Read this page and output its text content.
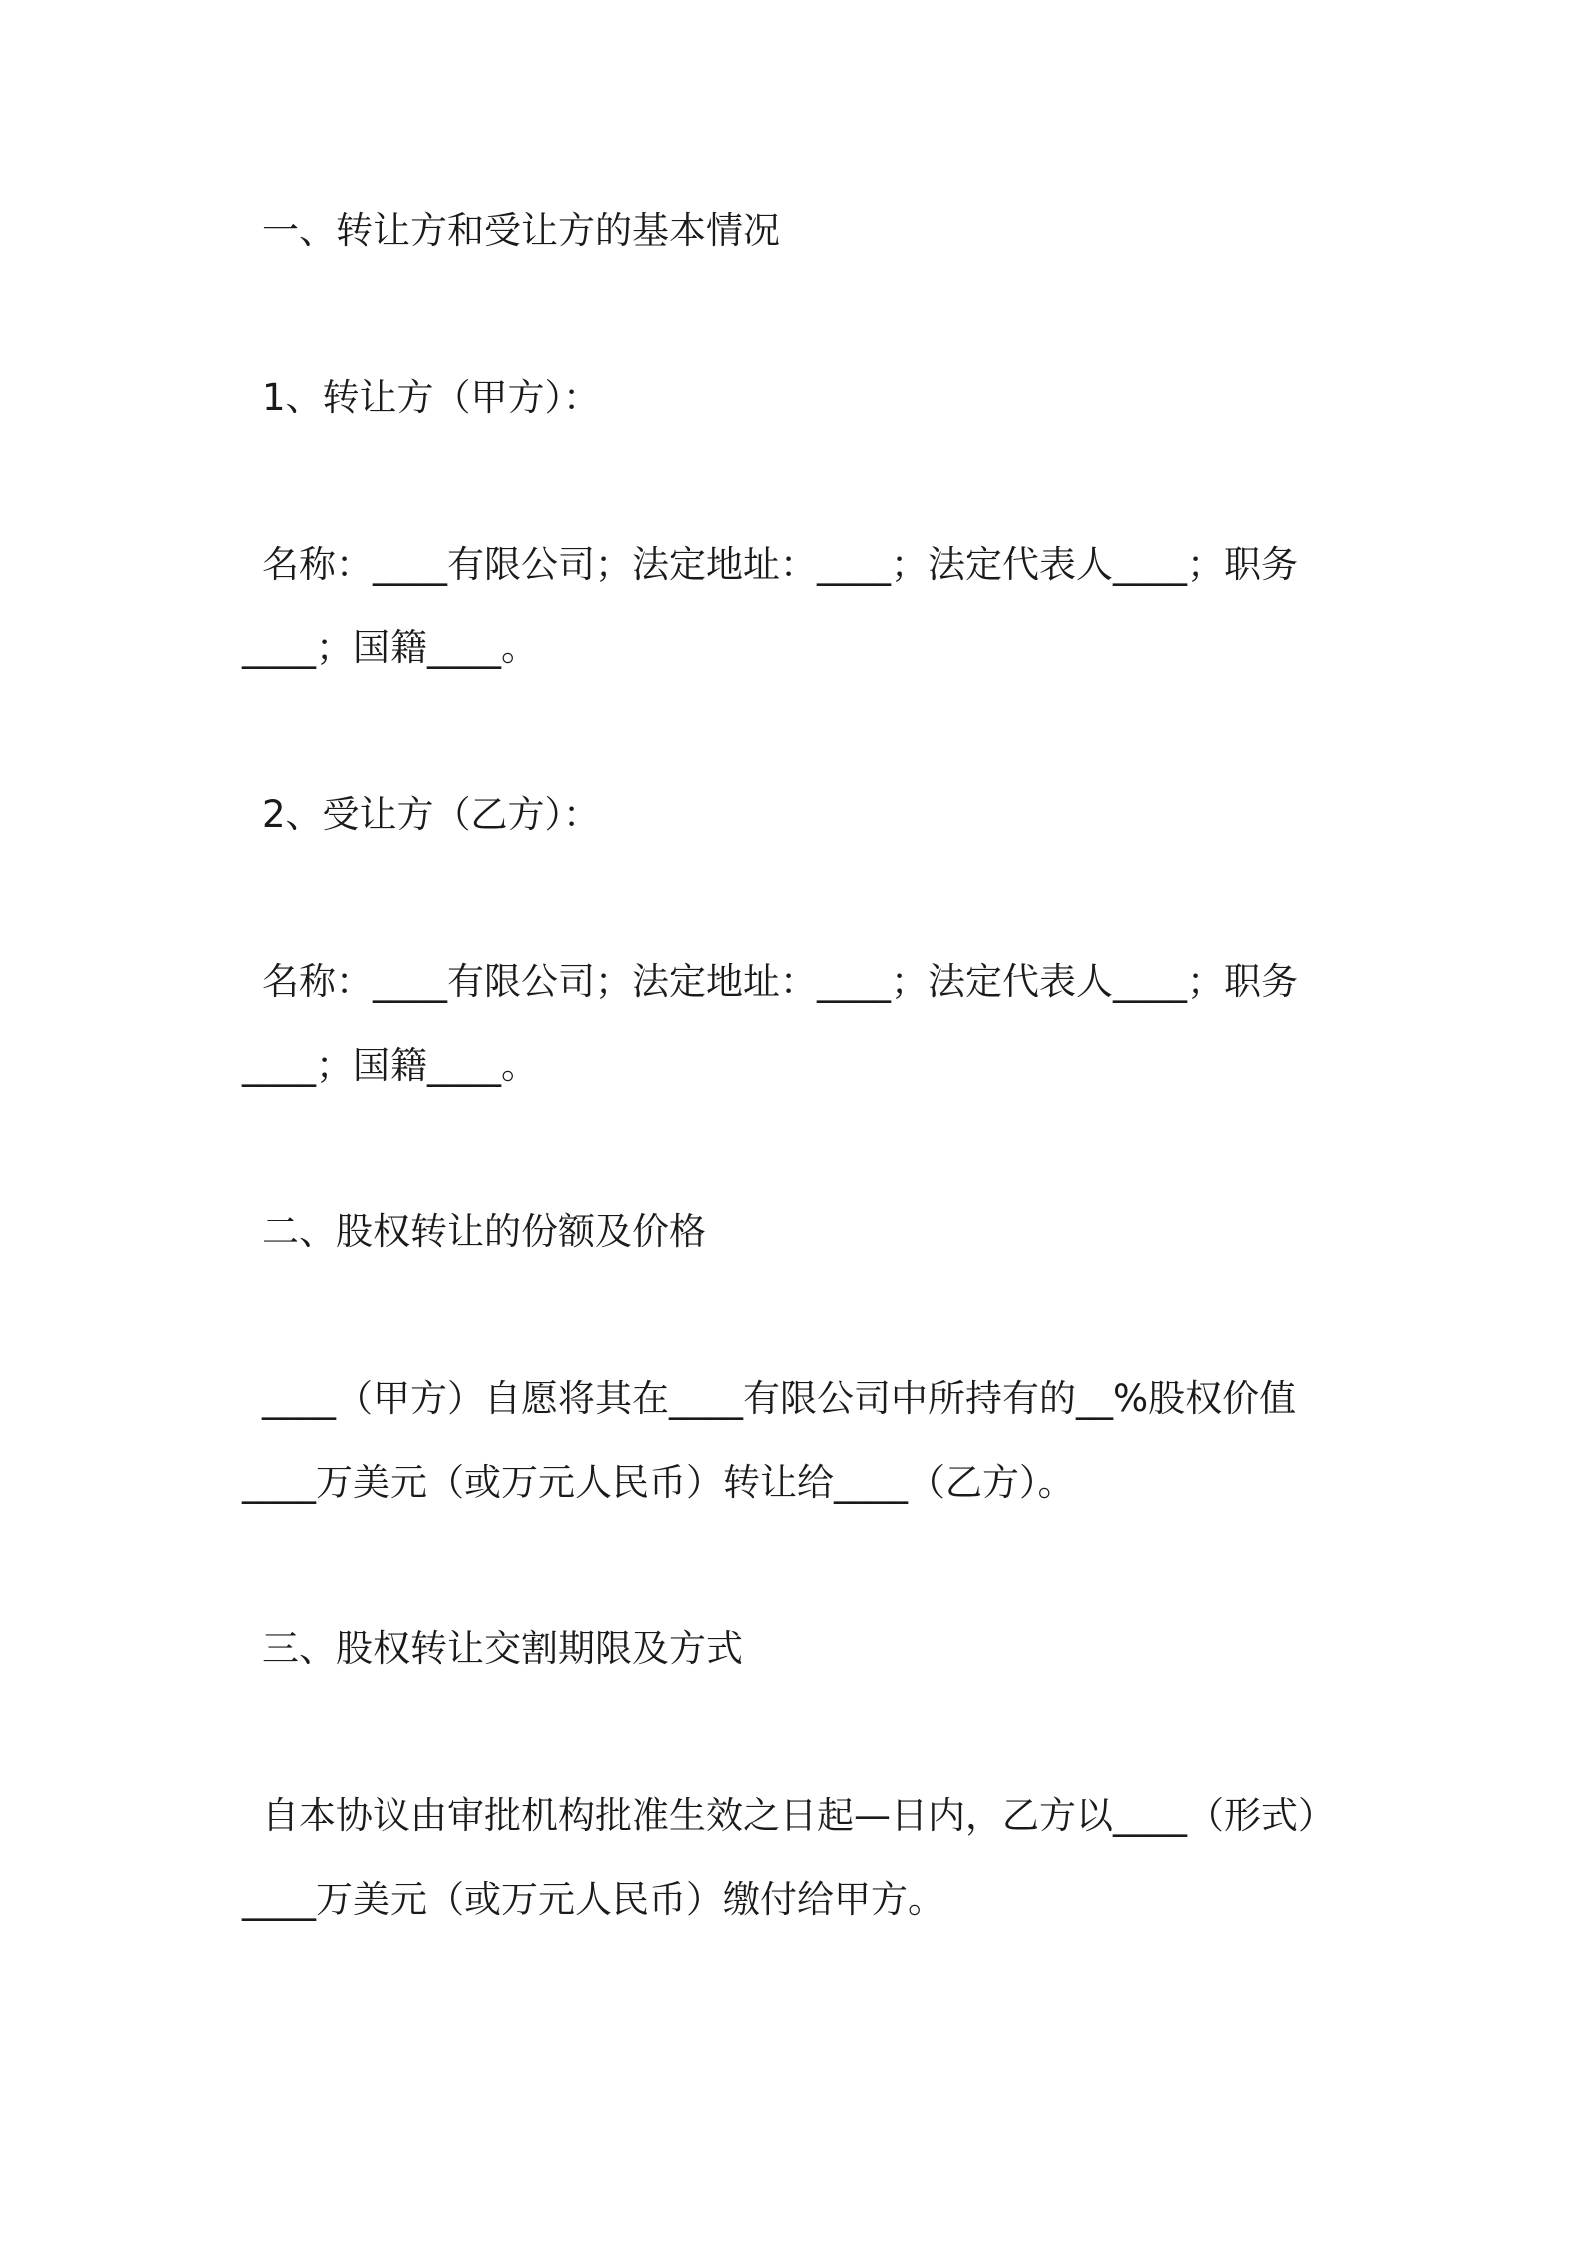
一、转让方和受让方的基本情况

1、转让方（甲方）：

名称：____有限公司；法定地址：____；法定代表人____；职务

____；国籍____。

2、受让方（乙方）：

名称：____有限公司；法定地址：____；法定代表人____；职务

____；国籍____。

二、股权转让的份额及价格

____（甲方）自愿将其在____有限公司中所持有的__%股权价值

____万美元（或万元人民币）转让给____（乙方）。

三、股权转让交割期限及方式

自本协议由审批机构批准生效之日起—日内，乙方以____（形式）

____万美元（或万元人民币）缴付给甲方。
